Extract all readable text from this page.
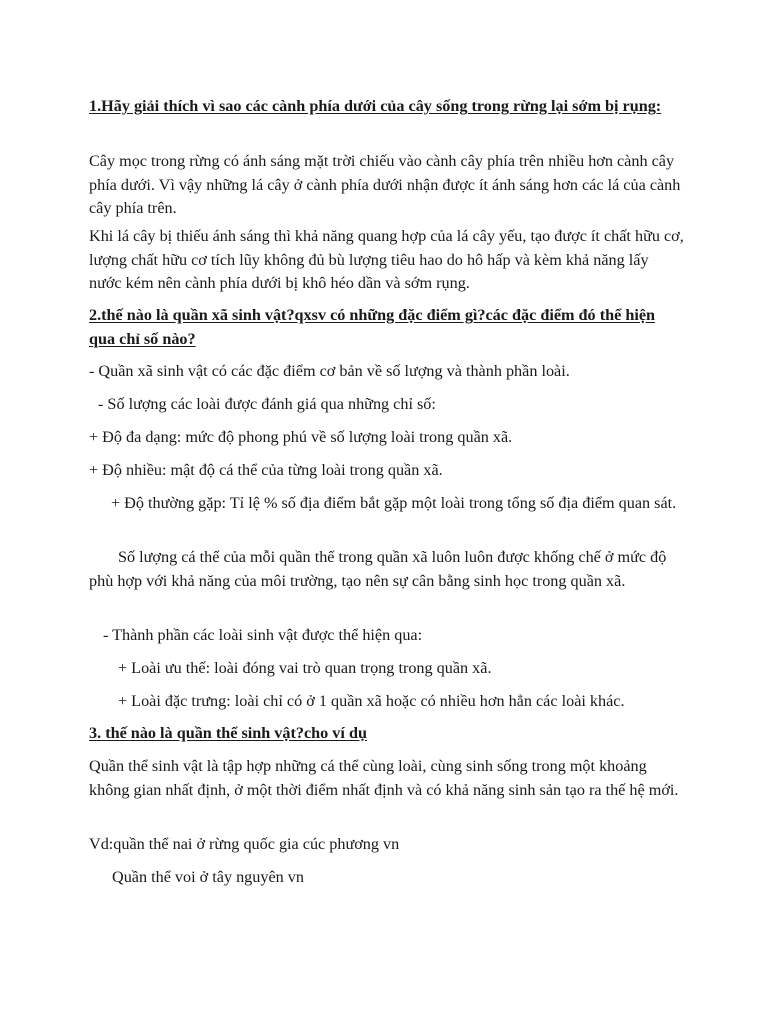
1.Hãy giải thích vì sao các cành phía dưới của cây sống trong rừng lại sớm bị rụng:

Cây mọc trong rừng có ánh sáng mặt trời chiếu vào cành cây phía trên nhiều hơn cành cây phía dưới. Vì vậy những lá cây ở cành phía dưới nhận được ít ánh sáng hơn các lá của cành cây phía trên.

Khi lá cây bị thiếu ánh sáng thì khả năng quang hợp của lá cây yếu, tạo được ít chất hữu cơ, lượng chất hữu cơ tích lũy không đủ bù lượng tiêu hao do hô hấp và kèm khả năng lấy nước kém nên cành phía dưới bị khô héo dần và sớm rụng.

2.thế nào là quần xã sinh vật?qxsv có những đặc điểm gì?các đặc điểm đó thể hiện qua chỉ số nào?

- Quần xã sinh vật có các đặc điểm cơ bản về số lượng và thành phần loài.

- Số lượng các loài được đánh giá qua những chỉ số:

+ Độ đa dạng: mức độ phong phú về số lượng loài trong quần xã.

+ Độ nhiều: mật độ cá thể của từng loài trong quần xã.

+ Độ thường gặp: Tỉ lệ % số địa điểm bắt gặp một loài trong tổng số địa điểm quan sát.

Số lượng cá thể của mỗi quần thể trong quần xã luôn luôn được khống chế ở mức độ phù hợp với khả năng của môi trường, tạo nên sự cân bằng sinh học trong quần xã.

- Thành phần các loài sinh vật được thể hiện qua:

+ Loài ưu thế: loài đóng vai trò quan trọng trong quần xã.

+ Loài đặc trưng: loài chỉ có ở 1 quần xã hoặc có nhiều hơn hẳn các loài khác.

3. thế nào là quần thể sinh vật?cho ví dụ

Quần thể sinh vật là tập hợp những cá thể cùng loài, cùng sinh sống trong một khoảng không gian nhất định, ở một thời điểm nhất định và có khả năng sinh sản tạo ra thế hệ mới.

Vd:quần thể nai ở rừng quốc gia cúc phương vn

Quần thể voi ở tây nguyên vn
